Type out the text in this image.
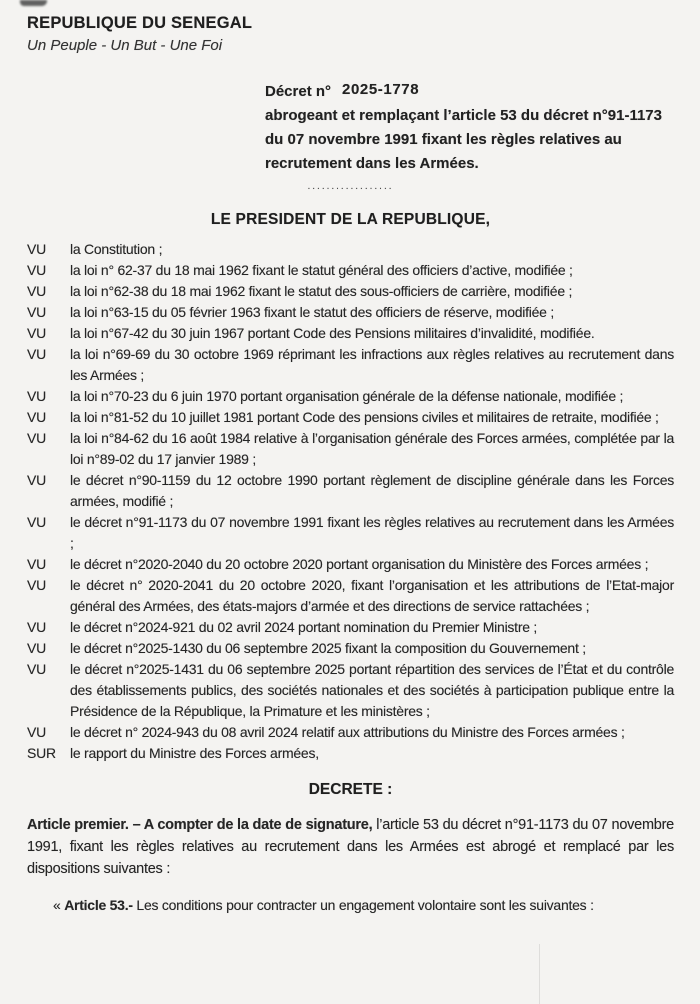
REPUBLIQUE DU SENEGAL
Un Peuple - Un But - Une Foi
Décret n° 2025-1778
abrogeant et remplaçant l’article 53 du décret n°91-1173 du 07 novembre 1991 fixant les règles relatives au recrutement dans les Armées.
..................
LE PRESIDENT DE LA REPUBLIQUE,
VU	la Constitution ;
VU	la loi n° 62-37 du 18 mai 1962 fixant le statut général des officiers d’active, modifiée ;
VU	la loi n°62-38 du 18 mai 1962 fixant le statut des sous-officiers de carrière, modifiée ;
VU	la loi n°63-15 du 05 février 1963 fixant le statut des officiers de réserve, modifiée ;
VU	la loi n°67-42 du 30 juin 1967 portant Code des Pensions militaires d’invalidité, modifiée.
VU	la loi n°69-69 du 30 octobre 1969 réprimant les infractions aux règles relatives au recrutement dans les Armées ;
VU	la loi n°70-23 du 6 juin 1970 portant organisation générale de la défense nationale, modifiée ;
VU	la loi n°81-52 du 10 juillet 1981 portant Code des pensions civiles et militaires de retraite, modifiée ;
VU	la loi n°84-62 du 16 août 1984 relative à l’organisation générale des Forces armées, complétée par la loi n°89-02 du 17 janvier 1989 ;
VU	le décret n°90-1159 du 12 octobre 1990 portant règlement de discipline générale dans les Forces armées, modifié ;
VU	le décret n°91-1173 du 07 novembre 1991 fixant les règles relatives au recrutement dans les Armées ;
VU	le décret n°2020-2040 du 20 octobre 2020 portant organisation du Ministère des Forces armées ;
VU	le décret n° 2020-2041 du 20 octobre 2020, fixant l’organisation et les attributions de l’Etat-major général des Armées, des états-majors d’armée et des directions de service rattachées ;
VU	le décret n°2024-921 du 02 avril 2024 portant nomination du Premier Ministre ;
VU	le décret n°2025-1430 du 06 septembre 2025 fixant la composition du Gouvernement ;
VU	le décret n°2025-1431 du 06 septembre 2025 portant répartition des services de l’État et du contrôle des établissements publics, des sociétés nationales et des sociétés à participation publique entre la Présidence de la République, la Primature et les ministères ;
VU	le décret n° 2024-943 du 08 avril 2024 relatif aux attributions du Ministre des Forces armées ;
SUR	le rapport du Ministre des Forces armées,
DECRETE :

Article premier. – A compter de la date de signature, l’article 53 du décret n°91-1173 du 07 novembre 1991, fixant les règles relatives au recrutement dans les Armées est abrogé et remplacé par les dispositions suivantes :

« Article 53.- Les conditions pour contracter un engagement volontaire sont les suivantes :
